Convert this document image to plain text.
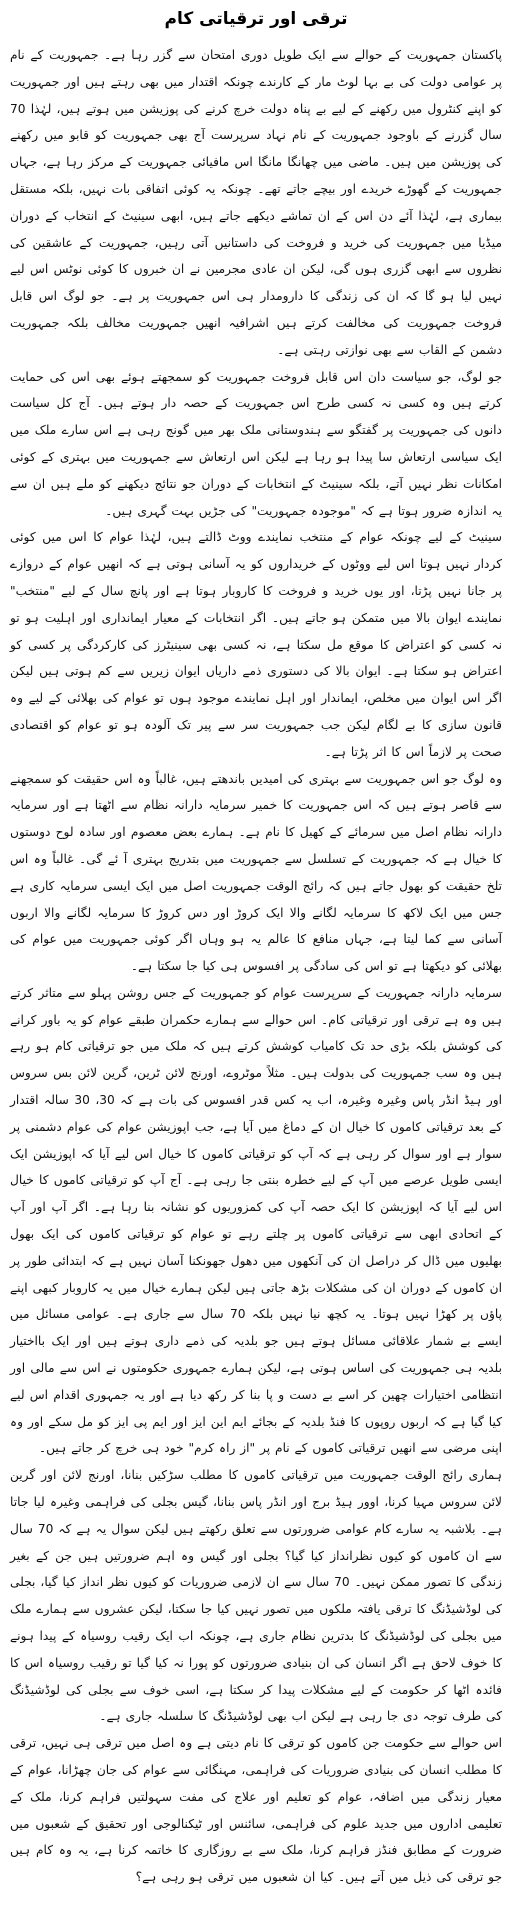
ترقی اور ترقیاتی کام

پاکستان جمہوریت کے حوالے سے ایک طویل دوری امتحان سے گزر رہا ہے۔ جمہوریت کے نام پر عوامی دولت کی بے بہا لوٹ مار کے کارندے چونکہ اقتدار میں بھی رہتے ہیں اور جمہوریت کو اپنے کنٹرول میں رکھنے کے لیے بے پناہ دولت خرچ کرنے کی پوزیشن میں ہوتے ہیں، لہٰذا 70 سال گزرنے کے باوجود جمہوریت کے نام نہاد سرپرست آج بھی جمہوریت کو قابو میں رکھنے کی پوزیشن میں ہیں۔ ماضی میں چھانگا مانگا اس مافیائی جمہوریت کے مرکز رہا ہے، جہاں جمہوریت کے گھوڑے خریدے اور بیچے جاتے تھے۔ چونکہ یہ کوئی اتفاقی بات نہیں، بلکہ مستقل بیماری ہے، لہٰذا آئے دن اس کے ان تماشے دیکھے جاتے ہیں، ابھی سینیٹ کے انتخاب کے دوران میڈیا میں جمہوریت کی خرید و فروخت کی داستانیں آتی رہیں، جمہوریت کے عاشقین کی نظروں سے ابھی گزری ہوں گی، لیکن ان عادی مجرمین نے ان خبروں کا کوئی نوٹس اس لیے نہیں لیا ہو گا کہ ان کی زندگی کا دارومدار ہی اس جمہوریت پر ہے۔ جو لوگ اس قابل فروخت جمہوریت کی مخالفت کرتے ہیں اشرافیہ انھیں جمہوریت مخالف بلکہ جمہوریت دشمن کے القاب سے بھی نوازتی رہتی ہے۔

جو لوگ، جو سیاست دان اس قابل فروخت جمہوریت کو سمجھتے ہوئے بھی اس کی حمایت کرتے ہیں وہ کسی نہ کسی طرح اس جمہوریت کے حصہ دار ہوتے ہیں۔ آج کل سیاست دانوں کی جمہوریت پر گفتگو سے ہندوستانی ملک بھر میں گونج رہی ہے اس سارے ملک میں ایک سیاسی ارتعاش سا پیدا ہو رہا ہے لیکن اس ارتعاش سے جمہوریت میں بہتری کے کوئی امکانات نظر نہیں آتے، بلکہ سینیٹ کے انتخابات کے دوران جو نتائج دیکھنے کو ملے ہیں ان سے یہ اندازہ ضرور ہوتا ہے کہ "موجودہ جمہوریت" کی جڑیں بہت گہری ہیں۔

سینیٹ کے لیے چونکہ عوام کے منتخب نمایندے ووٹ ڈالتے ہیں، لہٰذا عوام کا اس میں کوئی کردار نہیں ہوتا اس لیے ووٹوں کے خریداروں کو یہ آسانی ہوتی ہے کہ انھیں عوام کے دروازے پر جانا نہیں پڑتا، اور یوں خرید و فروخت کا کاروبار ہوتا ہے اور پانچ سال کے لیے "منتخب" نمایندے ایوان بالا میں متمکن ہو جاتے ہیں۔ اگر انتخابات کے معیار ایمانداری اور اہلیت ہو تو نہ کسی کو اعتراض کا موقع مل سکتا ہے، نہ کسی بھی سینیٹرز کی کارکردگی پر کسی کو اعتراض ہو سکتا ہے۔ ایوان بالا کی دستوری ذمے داریاں ایوان زیریں سے کم ہوتی ہیں لیکن اگر اس ایوان میں مخلص، ایماندار اور اہل نمایندے موجود ہوں تو عوام کی بھلائی کے لیے وہ قانون سازی کا بے لگام لیکن جب جمہوریت سر سے پیر تک آلودہ ہو تو عوام کو اقتصادی صحت پر لازماً اس کا اثر پڑتا ہے۔

وہ لوگ جو اس جمہوریت سے بہتری کی امیدیں باندھتے ہیں، غالباً وہ اس حقیقت کو سمجھنے سے قاصر ہوتے ہیں کہ اس جمہوریت کا خمیر سرمایہ دارانہ نظام سے اٹھتا ہے اور سرمایہ دارانہ نظام اصل میں سرمائے کے کھیل کا نام ہے۔ ہمارے بعض معصوم اور سادہ لوح دوستوں کا خیال ہے کہ جمہوریت کے تسلسل سے جمہوریت میں بتدریج بہتری آ ئے گی۔ غالباً وہ اس تلخ حقیقت کو بھول جاتے ہیں کہ رائج الوقت جمہوریت اصل میں ایک ایسی سرمایہ کاری ہے جس میں ایک لاکھ کا سرمایہ لگانے والا ایک کروڑ اور دس کروڑ کا سرمایہ لگانے والا اربوں آسانی سے کما لیتا ہے، جہاں منافع کا عالم یہ ہو وہاں اگر کوئی جمہوریت میں عوام کی بھلائی کو دیکھتا ہے تو اس کی سادگی پر افسوس ہی کیا جا سکتا ہے۔

سرمایہ دارانہ جمہوریت کے سرپرست عوام کو جمہوریت کے جس روشن پہلو سے متاثر کرتے ہیں وہ ہے ترقی اور ترقیاتی کام۔ اس حوالے سے ہمارے حکمران طبقے عوام کو یہ باور کرانے کی کوشش بلکہ بڑی حد تک کامیاب کوشش کرتے ہیں کہ ملک میں جو ترقیاتی کام ہو رہے ہیں وہ سب جمہوریت کی بدولت ہیں۔ مثلاً موٹروے، اورنج لائن ٹرین، گرین لائن بس سروس اور ہیڈ انڈر پاس وغیرہ وغیرہ، اب یہ کس قدر افسوس کی بات ہے کہ 30، 30 سالہ اقتدار کے بعد ترقیاتی کاموں کا خیال ان کے دماغ میں آیا ہے، جب اپوزیشن عوام کی عوام دشمنی پر سوار ہے اور سوال کر رہی ہے کہ آپ کو ترقیاتی کاموں کا خیال اس لیے آیا کہ اپوزیشن ایک ایسی طویل عرصے میں آپ کے لیے خطرہ بنتی جا رہی ہے۔ آج آپ کو ترقیاتی کاموں کا خیال اس لیے آیا کہ اپوزیشن کا ایک حصہ آپ کی کمزوریوں کو نشانہ بنا رہا ہے۔ اگر آپ اور آپ کے اتحادی ابھی سے ترقیاتی کاموں پر چلتے رہے تو عوام کو ترقیاتی کاموں کی ایک بھول بھلیوں میں ڈال کر دراصل ان کی آنکھوں میں دھول جھونکنا آسان نہیں ہے کہ ابتدائی طور پر ان کاموں کے دوران ان کی مشکلات بڑھ جاتی ہیں لیکن ہمارے خیال میں یہ کاروبار کبھی اپنے پاؤں پر کھڑا نہیں ہوتا۔ یہ کچھ نیا نہیں بلکہ 70 سال سے جاری ہے۔ عوامی مسائل میں ایسے بے شمار علاقائی مسائل ہوتے ہیں جو بلدیہ کی ذمے داری ہوتے ہیں اور ایک بااختیار بلدیہ ہی جمہوریت کی اساس ہوتی ہے، لیکن ہمارے جمہوری حکومتوں نے اس سے مالی اور انتظامی اختیارات چھین کر اسے بے دست و پا بنا کر رکھ دیا ہے اور یہ جمہوری اقدام اس لیے کیا گیا ہے کہ اربوں روپوں کا فنڈ بلدیہ کے بجائے ایم این ایز اور ایم پی ایز کو مل سکے اور وہ اپنی مرضی سے انھیں ترقیاتی کاموں کے نام پر "از راہ کرم" خود ہی خرچ کر جاتے ہیں۔

ہماری رائج الوقت جمہوریت میں ترقیاتی کاموں کا مطلب سڑکیں بنانا، اورنج لائن اور گرین لائن سروس مہیا کرنا، اوور ہیڈ برج اور انڈر پاس بنانا، گیس بجلی کی فراہمی وغیرہ لیا جاتا ہے۔ بلاشبہ یہ سارے کام عوامی ضرورتوں سے تعلق رکھتے ہیں لیکن سوال یہ ہے کہ 70 سال سے ان کاموں کو کیوں نظرانداز کیا گیا؟ بجلی اور گیس وہ اہم ضرورتیں ہیں جن کے بغیر زندگی کا تصور ممکن نہیں۔ 70 سال سے ان لازمی ضروریات کو کیوں نظر انداز کیا گیا، بجلی کی لوڈشیڈنگ کا ترقی یافتہ ملکوں میں تصور نہیں کیا جا سکتا، لیکن عشروں سے ہمارے ملک میں بجلی کی لوڈشیڈنگ کا بدترین نظام جاری ہے، چونکہ اب ایک رقیب روسیاہ کے پیدا ہونے کا خوف لاحق ہے اگر انسان کی ان بنیادی ضرورتوں کو پورا نہ کیا گیا تو رقیب روسیاہ اس کا فائدہ اٹھا کر حکومت کے لیے مشکلات پیدا کر سکتا ہے، اسی خوف سے بجلی کی لوڈشیڈنگ کی طرف توجہ دی جا رہی ہے لیکن اب بھی لوڈشیڈنگ کا سلسلہ جاری ہے۔

اس حوالے سے حکومت جن کاموں کو ترقی کا نام دیتی ہے وہ اصل میں ترقی ہی نہیں، ترقی کا مطلب انسان کی بنیادی ضروریات کی فراہمی، مہنگائی سے عوام کی جان چھڑانا، عوام کے معیار زندگی میں اضافہ، عوام کو تعلیم اور علاج کی مفت سہولتیں فراہم کرنا، ملک کے تعلیمی اداروں میں جدید علوم کی فراہمی، سائنس اور ٹیکنالوجی اور تحقیق کے شعبوں میں ضرورت کے مطابق فنڈز فراہم کرنا، ملک سے بے روزگاری کا خاتمہ کرنا ہے، یہ وہ کام ہیں جو ترقی کی ذیل میں آتے ہیں۔ کیا ان شعبوں میں ترقی ہو رہی ہے؟
